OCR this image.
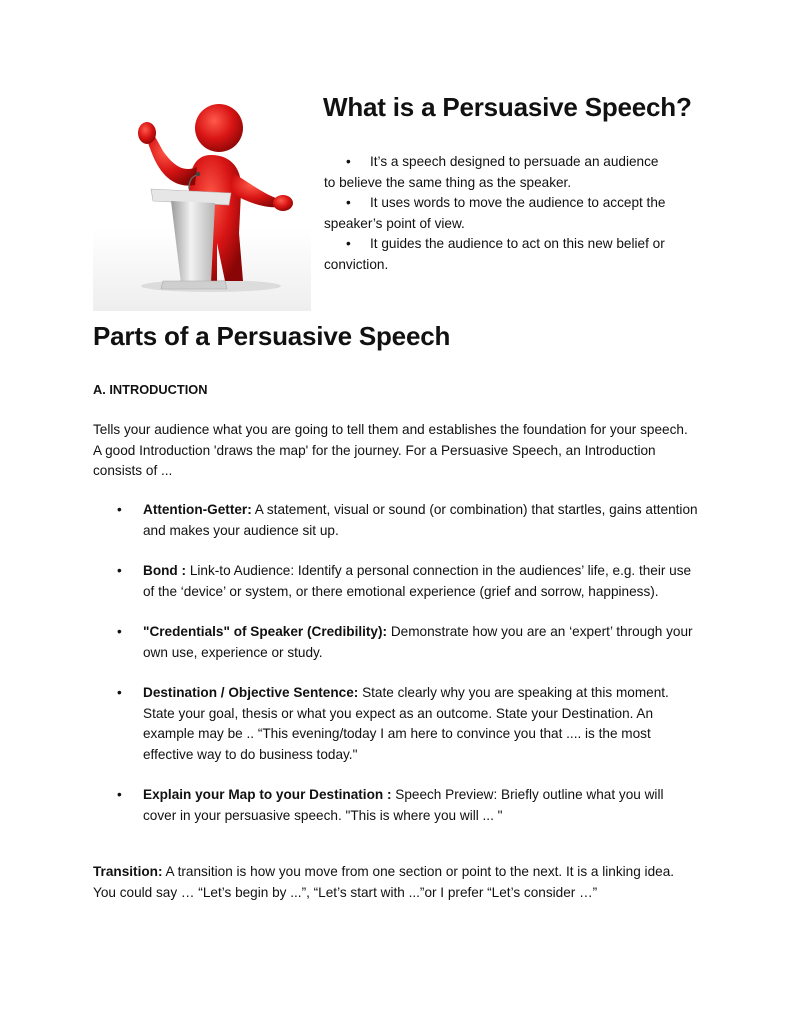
What is a Persuasive Speech?
• It’s a speech designed to persuade an audience to believe the same thing as the speaker.
• It uses words to move the audience to accept the speaker’s point of view.
• It guides the audience to act on this new belief or conviction.
Parts of a Persuasive Speech

A. INTRODUCTION

Tells your audience what you are going to tell them and establishes the foundation for your speech. A good Introduction 'draws the map' for the journey. For a Persuasive Speech, an Introduction consists of ...

• Attention-Getter: A statement, visual or sound (or combination) that startles, gains attention and makes your audience sit up.
• Bond : Link-to Audience: Identify a personal connection in the audiences’ life, e.g. their use of the ‘device’ or system, or there emotional experience (grief and sorrow, happiness).
• "Credentials" of Speaker (Credibility): Demonstrate how you are an ‘expert’ through your own use, experience or study.
• Destination / Objective Sentence: State clearly why you are speaking at this moment. State your goal, thesis or what you expect as an outcome. State your Destination. An example may be .. “This evening/today I am here to convince you that .... is the most effective way to do business today."
• Explain your Map to your Destination : Speech Preview: Briefly outline what you will cover in your persuasive speech. "This is where you will ... "

Transition: A transition is how you move from one section or point to the next. It is a linking idea.
You could say … “Let’s begin by ...”, “Let’s start with ...”or I prefer “Let’s consider …”
